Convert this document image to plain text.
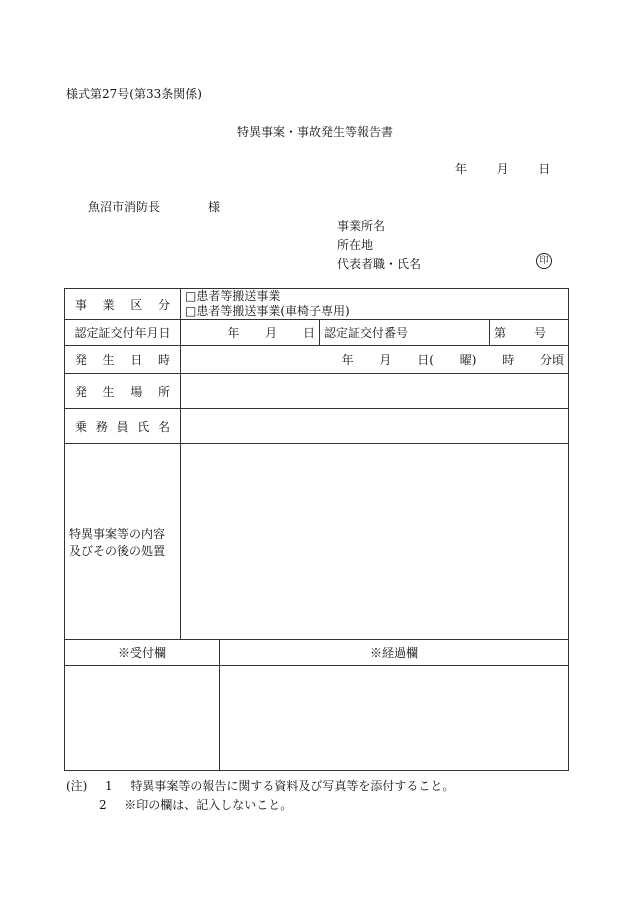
様式第27号(第33条関係)
特異事案・事故発生等報告書
年 月 日
魚沼市消防長	様
事業所名
所在地
代表者職・氏名	印
事 業 区 分	□患者等搬送事業
□患者等搬送事業(車椅子専用)			

認定証交付年月日	年 月 日		認定証交付番号	第 号

発 生 日 時	年 月 日( 曜) 時 分頃			
発 生 場 所				
乗 務 員 氏 名				

特異事案等の内容
及びその後の処置				

※受付欄		※経過欄		

(注) 1 特異事案等の報告に関する資料及び写真等を添付すること。
2 ※印の欄は、記入しないこと。
